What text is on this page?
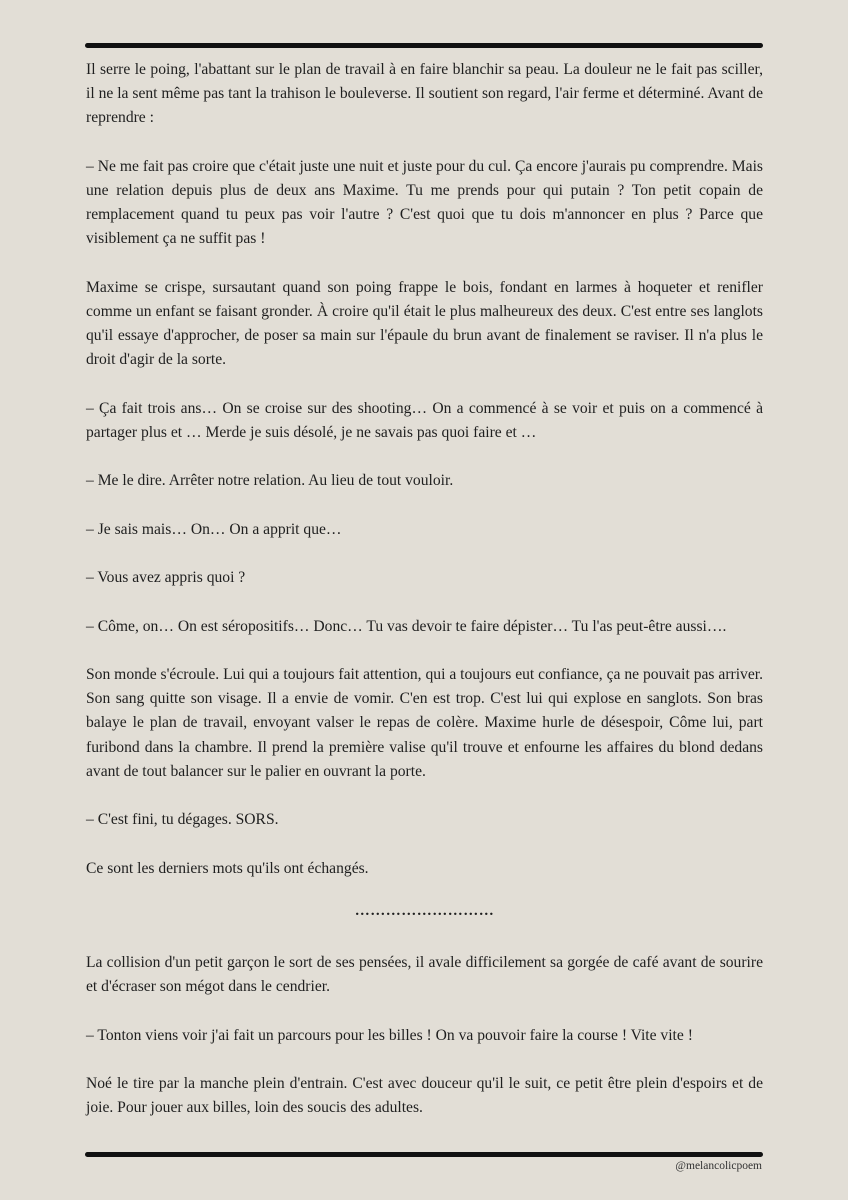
Il serre le poing, l'abattant sur le plan de travail à en faire blanchir sa peau. La douleur ne le fait pas sciller, il ne la sent même pas tant la trahison le bouleverse. Il soutient son regard, l'air ferme et déterminé. Avant de reprendre :

– Ne me fait pas croire que c'était juste une nuit et juste pour du cul. Ça encore j'aurais pu comprendre. Mais une relation depuis plus de deux ans Maxime. Tu me prends pour qui putain ? Ton petit copain de remplacement quand tu peux pas voir l'autre ? C'est quoi que tu dois m'annoncer en plus ? Parce que visiblement ça ne suffit pas !

Maxime se crispe, sursautant quand son poing frappe le bois, fondant en larmes à hoqueter et renifler comme un enfant se faisant gronder. À croire qu'il était le plus malheureux des deux. C'est entre ses langlots qu'il essaye d'approcher, de poser sa main sur l'épaule du brun avant de finalement se raviser. Il n'a plus le droit d'agir de la sorte.

– Ça fait trois ans… On se croise sur des shooting… On a commencé à se voir et puis on a commencé à partager plus et … Merde je suis désolé, je ne savais pas quoi faire et …

– Me le dire. Arrêter notre relation. Au lieu de tout vouloir.

– Je sais mais… On… On a apprit que…

– Vous avez appris quoi ?

– Côme, on… On est séropositifs… Donc… Tu vas devoir te faire dépister… Tu l'as peut-être aussi….

Son monde s'écroule. Lui qui a toujours fait attention, qui a toujours eut confiance, ça ne pouvait pas arriver. Son sang quitte son visage. Il a envie de vomir. C'en est trop. C'est lui qui explose en sanglots. Son bras balaye le plan de travail, envoyant valser le repas de colère. Maxime hurle de désespoir, Côme lui, part furibond dans la chambre. Il prend la première valise qu'il trouve et enfourne les affaires du blond dedans avant de tout balancer sur le palier en ouvrant la porte.

– C'est fini, tu dégages. SORS.

Ce sont les derniers mots qu'ils ont échangés.

………………………

La collision d'un petit garçon le sort de ses pensées, il avale difficilement sa gorgée de café avant de sourire et d'écraser son mégot dans le cendrier.

– Tonton viens voir j'ai fait un parcours pour les billes ! On va pouvoir faire la course ! Vite vite !

Noé le tire par la manche plein d'entrain. C'est avec douceur qu'il le suit, ce petit être plein d'espoirs et de joie. Pour jouer aux billes, loin des soucis des adultes.

@melancolicpoem
